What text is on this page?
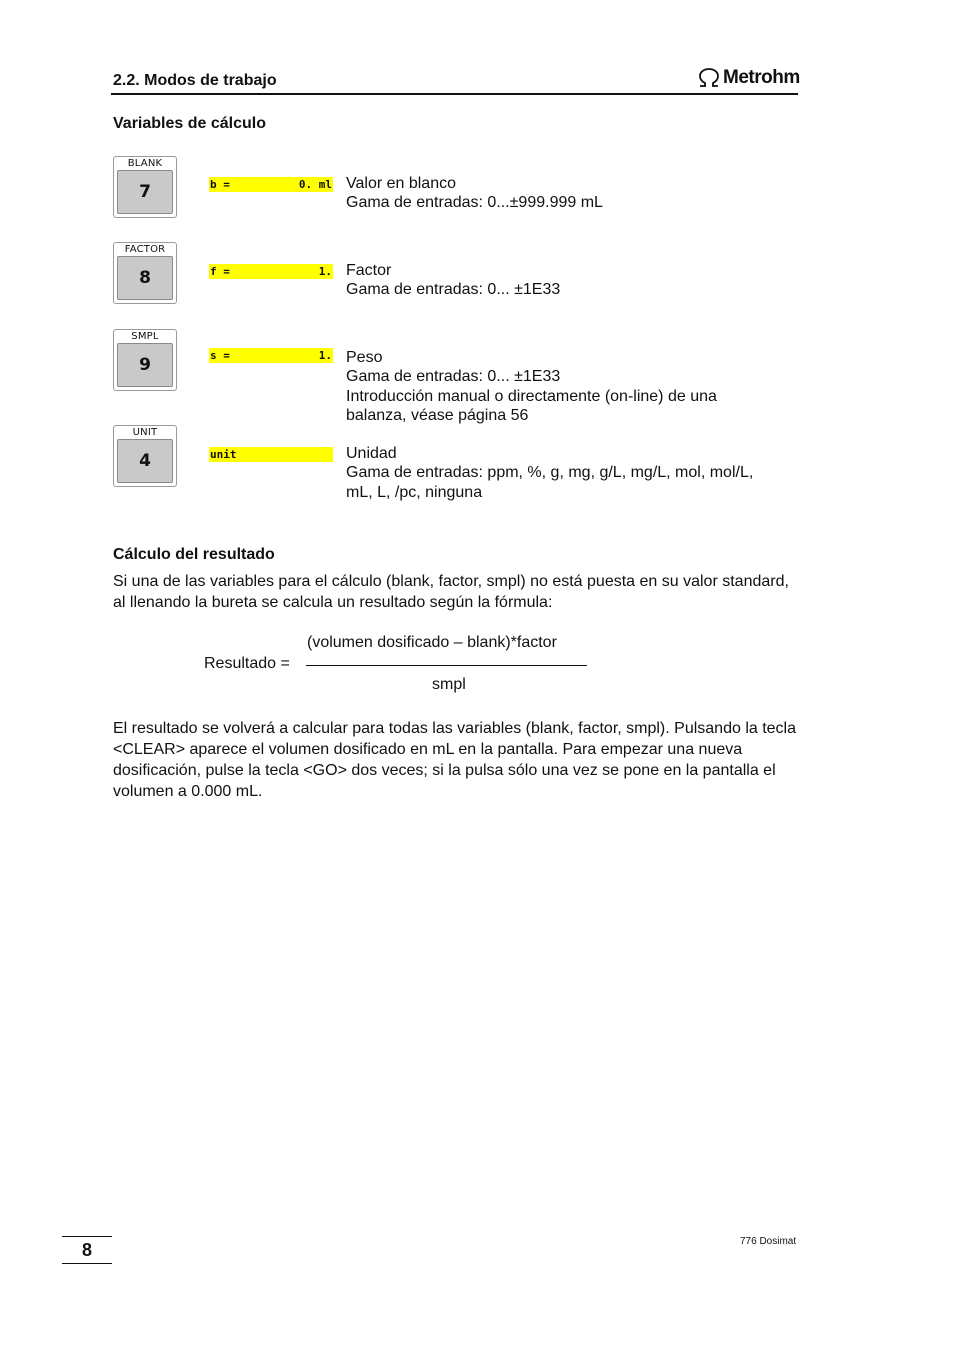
2.2. Modos de trabajo	Metrohm
Variables de cálculo
BLANK
7	b =	0. ml Valor en blanco
Gama de entradas: 0...±999.999 mL
FACTOR
8	f =	1. Factor
Gama de entradas: 0... ±1E33
SMPL
9	s =	1. Peso
Gama de entradas: 0... ±1E33
Introducción manual o directamente (on-line) de una
balanza, véase página 56
UNIT
4	unit	Unidad
Gama de entradas: ppm, %, g, mg, g/L, mg/L, mol, mol/L,
mL, L, /pc, ninguna
Cálculo del resultado
Si una de las variables para el cálculo (blank, factor, smpl) no está puesta en su valor standard, al llenando la bureta se calcula un resultado según la fórmula:
(volumen dosificado – blank)*factor
Resultado =
smpl
El resultado se volverá a calcular para todas las variables (blank, factor, smpl). Pulsando la tecla <CLEAR> aparece el volumen dosificado en mL en la pantalla. Para empezar una nueva dosificación, pulse la tecla <GO> dos veces; si la pulsa sólo una vez se pone en la pantalla el volumen a 0.000 mL.
8	776 Dosimat
